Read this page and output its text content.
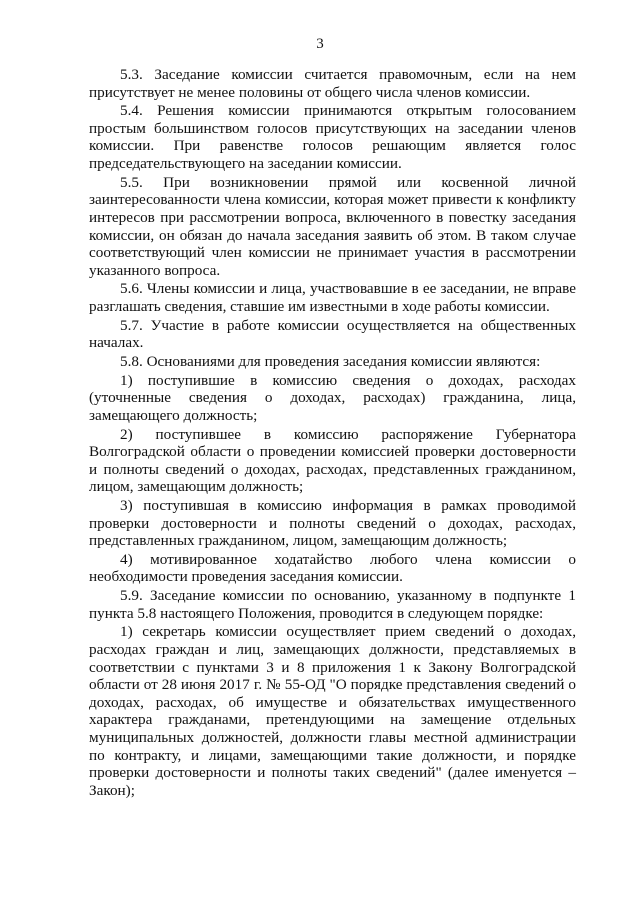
3

5.3. Заседание комиссии считается правомочным, если на нем присутствует не менее половины от общего числа членов комиссии.

5.4. Решения комиссии принимаются открытым голосованием простым большинством голосов присутствующих на заседании членов комиссии. При равенстве голосов решающим является голос председательствующего на заседании комиссии.

5.5. При возникновении прямой или косвенной личной заинтересованности члена комиссии, которая может привести к конфликту интересов при рассмотрении вопроса, включенного в повестку заседания комиссии, он обязан до начала заседания заявить об этом. В таком случае соответствующий член комиссии не принимает участия в рассмотрении указанного вопроса.

5.6. Члены комиссии и лица, участвовавшие в ее заседании, не вправе разглашать сведения, ставшие им известными в ходе работы комиссии.

5.7. Участие в работе комиссии осуществляется на общественных началах.

5.8. Основаниями для проведения заседания комиссии являются:

1) поступившие в комиссию сведения о доходах, расходах (уточненные сведения о доходах, расходах) гражданина, лица, замещающего должность;

2) поступившее в комиссию распоряжение Губернатора Волгоградской области о проведении комиссией проверки достоверности и полноты сведений о доходах, расходах, представленных гражданином, лицом, замещающим должность;

3) поступившая в комиссию информация в рамках проводимой проверки достоверности и полноты сведений о доходах, расходах, представленных гражданином, лицом, замещающим должность;

4) мотивированное ходатайство любого члена комиссии о необходимости проведения заседания комиссии.

5.9. Заседание комиссии по основанию, указанному в подпункте 1 пункта 5.8 настоящего Положения, проводится в следующем порядке:

1) секретарь комиссии осуществляет прием сведений о доходах, расходах граждан и лиц, замещающих должности, представляемых в соответствии с пунктами 3 и 8 приложения 1 к Закону Волгоградской области от 28 июня 2017 г. № 55-ОД "О порядке представления сведений о доходах, расходах, об имуществе и обязательствах имущественного характера гражданами, претендующими на замещение отдельных муниципальных должностей, должности главы местной администрации по контракту, и лицами, замещающими такие должности, и порядке проверки достоверности и полноты таких сведений" (далее именуется – Закон);
